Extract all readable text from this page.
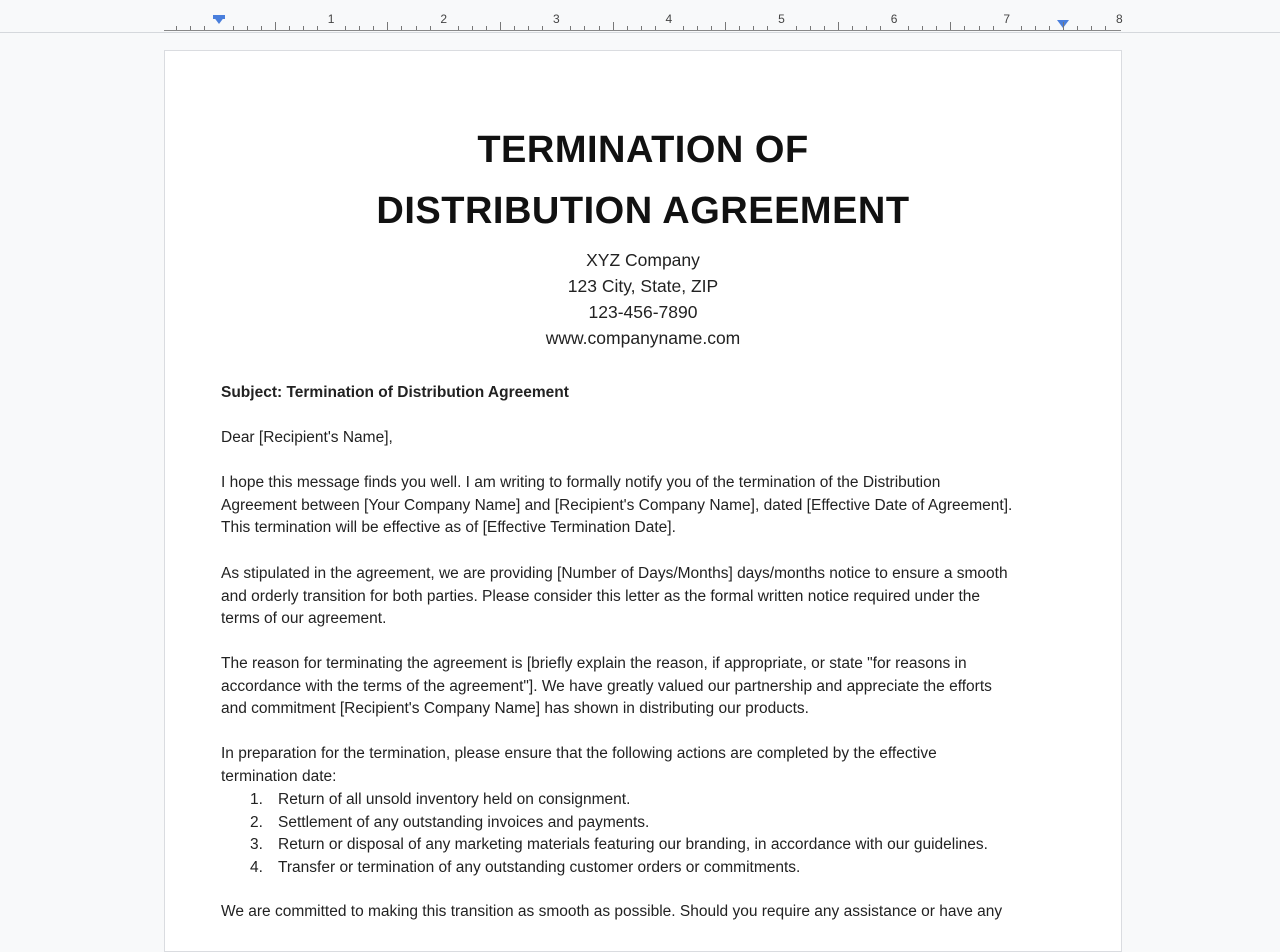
1	2	3	4	5	6	7	8
TERMINATION OF
DISTRIBUTION AGREEMENT
XYZ Company
123 City, State, ZIP
123-456-7890
www.companyname.com
Subject: Termination of Distribution Agreement
Dear [Recipient's Name],
I hope this message finds you well. I am writing to formally notify you of the termination of the Distribution
Agreement between [Your Company Name] and [Recipient's Company Name], dated [Effective Date of Agreement].
This termination will be effective as of [Effective Termination Date].
As stipulated in the agreement, we are providing [Number of Days/Months] days/months notice to ensure a smooth
and orderly transition for both parties. Please consider this letter as the formal written notice required under the
terms of our agreement.
The reason for terminating the agreement is [briefly explain the reason, if appropriate, or state "for reasons in
accordance with the terms of the agreement"]. We have greatly valued our partnership and appreciate the efforts
and commitment [Recipient's Company Name] has shown in distributing our products.
In preparation for the termination, please ensure that the following actions are completed by the effective
termination date:
We are committed to making this transition as smooth as possible. Should you require any assistance or have any
1. Return of all unsold inventory held on consignment.
2. Settlement of any outstanding invoices and payments.
3. Return or disposal of any marketing materials featuring our branding, in accordance with our guidelines.
4. Transfer or termination of any outstanding customer orders or commitments.
